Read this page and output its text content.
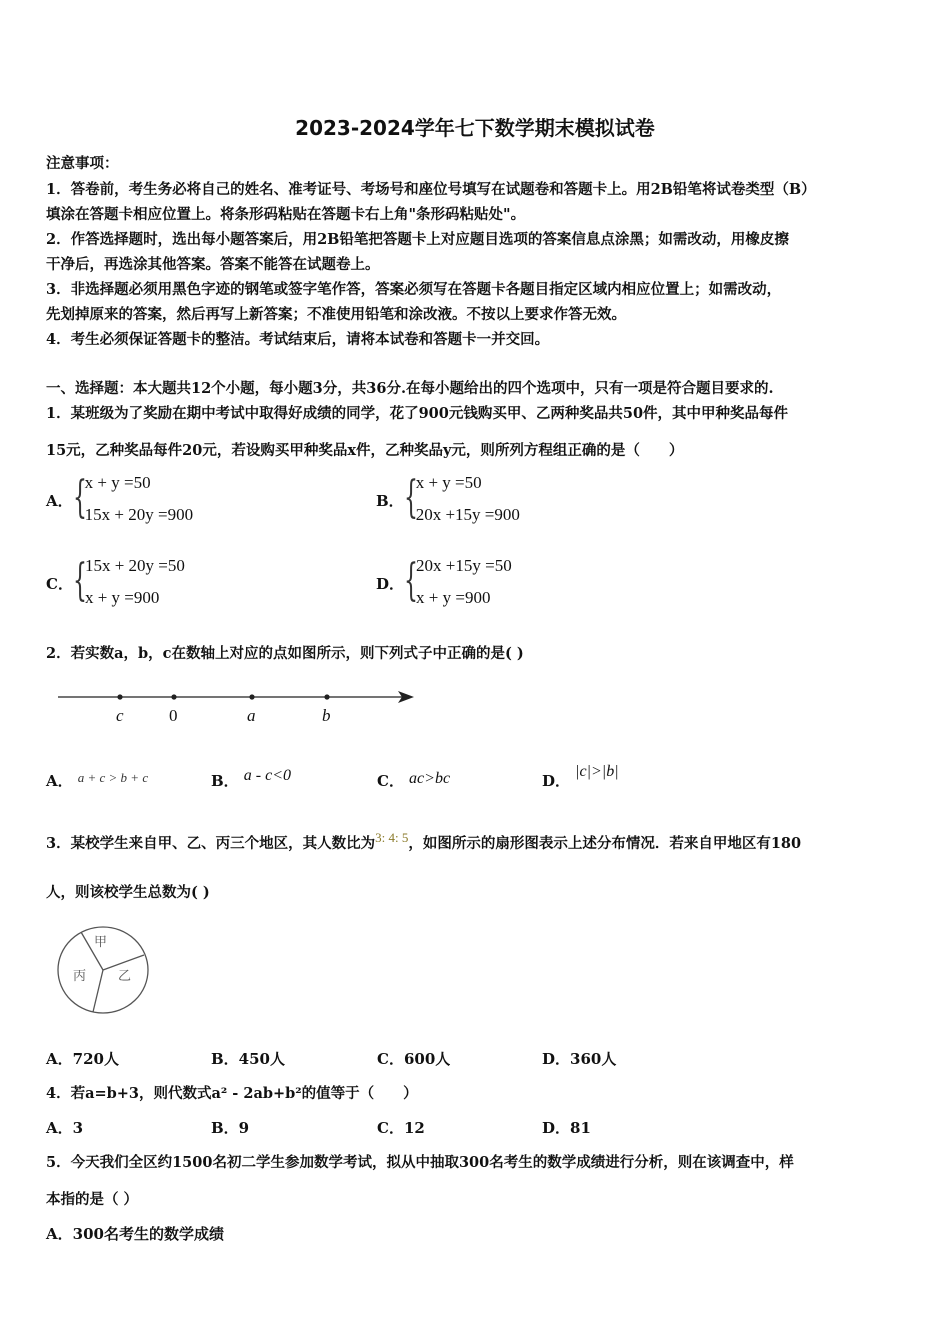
2023-2024学年七下数学期末模拟试卷
注意事项：
1．答卷前，考生务必将自己的姓名、准考证号、考场号和座位号填写在试题卷和答题卡上。用2B铅笔将试卷类型（B）
填涂在答题卡相应位置上。将条形码粘贴在答题卡右上角"条形码粘贴处"。
2．作答选择题时，选出每小题答案后，用2B铅笔把答题卡上对应题目选项的答案信息点涂黑；如需改动，用橡皮擦
干净后，再选涂其他答案。答案不能答在试题卷上。
3．非选择题必须用黑色字迹的钢笔或签字笔作答，答案必须写在答题卡各题目指定区域内相应位置上；如需改动，
先划掉原来的答案，然后再写上新答案；不准使用铅笔和涂改液。不按以上要求作答无效。
4．考生必须保证答题卡的整洁。考试结束后，请将本试卷和答题卡一并交回。
一、选择题：本大题共12个小题，每小题3分，共36分.在每小题给出的四个选项中，只有一项是符合题目要求的.
1．某班级为了奖励在期中考试中取得好成绩的同学，花了900元钱购买甲、乙两种奖品共50件，其中甲种奖品每件
15元，乙种奖品每件20元，若设购买甲种奖品x件，乙种奖品y元，则所列方程组正确的是（　　）
A． {
x + y =50
15x + 20y =900
B． {
x + y =50
20x +15y =900
C． {
15x + 20y =50
x + y =900
D． {
20x +15y =50
x + y =900
2．若实数a，b，c在数轴上对应的点如图所示，则下列式子中正确的是( )
c	0	a	b
A． $^{a + c > b + c}$	B． a - c<0	C． ac>bc	D． |c|>|b|
3．某校学生来自甲、乙、丙三个地区，其人数比为3: 4: 5，如图所示的扇形图表示上述分布情况．若来自甲地区有180
人，则该校学生总数为( )
甲
乙
丙
A．720人	B．450人	C．600人	D．360人
4．若a=b+3，则代数式a² - 2ab+b²的值等于（　　）
A．3	B．9	C．12	D．81
5．今天我们全区约1500名初二学生参加数学考试，拟从中抽取300名考生的数学成绩进行分析，则在该调查中，样
本指的是（ ）
A．300名考生的数学成绩
